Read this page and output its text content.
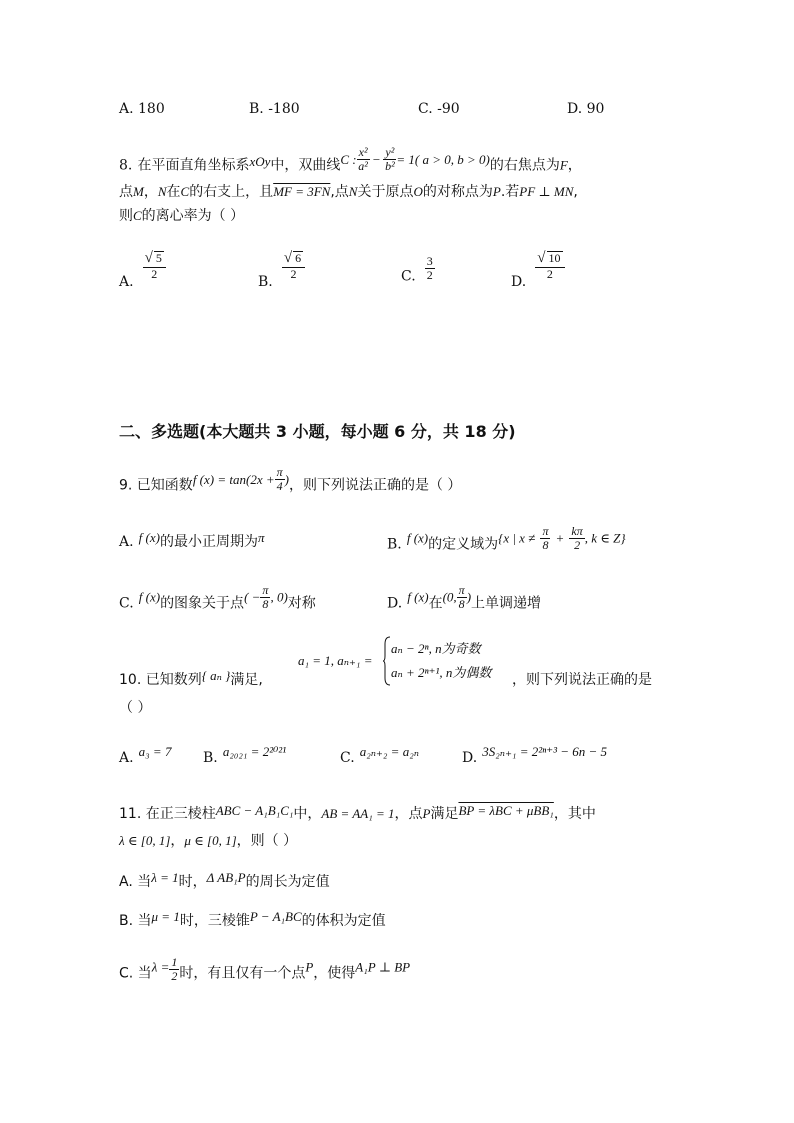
A. 180	B. -180	C. -90	D. 90
8. 在平面直角坐标系$^{xOy}$中，双曲线$^{C :} \frac{\text{x²}}{\text{a²}} ^- \frac{\text{y²}}{\text{b²}} ^{= 1( a > 0, b > 0)}$的右焦点为F，
点M，N在C的右支上，且MF = 3FN,点N关于原点O的对称点为P.若PF ⊥ MN,
则C的离心率为（ ）
A.
$\frac{√ 5}{2}$
B.
$\frac{√ 6}{2}$	C. $\frac{3}{2}$
D.
$\frac{√ 10}{2}$
二、多选题(本大题共 3 小题，每小题 6 分，共 18 分)
9. 已知函数$^{f (x) = tan(2x +} \frac{\pi}{4} ^)$，则下列说法正确的是（ ）
A. $^{f (x)}$的最小正周期为$^\pi$	B. f (x)的定义域为{x | $x \ne \frac{\pi}{8} + \frac{k\pi}{2}$ , k ∈ Z}
C. f (x)的图象关于点( − $\frac{\pi}{8}$ , 0)对称	D. f (x)在(0, $\frac{\pi}{8}$ )上单调递增
10. 已知数列$^{\{ a_n \}}$满足,
a₁ = 1, aₙ₊₁ =
aₙ − 2ⁿ, n为奇数
aₙ + 2ⁿ⁺¹, n为偶数 ，则下列说法正确的是
（ ）
A. a₃ = 7 B. a₂₀₂₁ = 2²⁰²¹	C. a₂ₙ₊₂ = a₂ₙ	D. 3S₂ₙ₊₁ = 2²ⁿ⁺³ − 6n − 5
11. 在正三棱柱ABC − A₁B₁C₁中，AB = AA₁ = 1，点P满足BP = λBC + μBB₁，其中
λ ∈ [0, 1]，μ ∈ [0, 1]，则（ ）
A. 当$^{\lambda = 1}$时，$^{\Delta AB_1P}$的周长为定值
B. 当$^{\mu = 1}$时，三棱锥$^{P - A_1BC}$的体积为定值
C. 当$\lambda = \frac{1}{2}$ 时，有且仅有一个点P，使得A₁P ⊥ BP
